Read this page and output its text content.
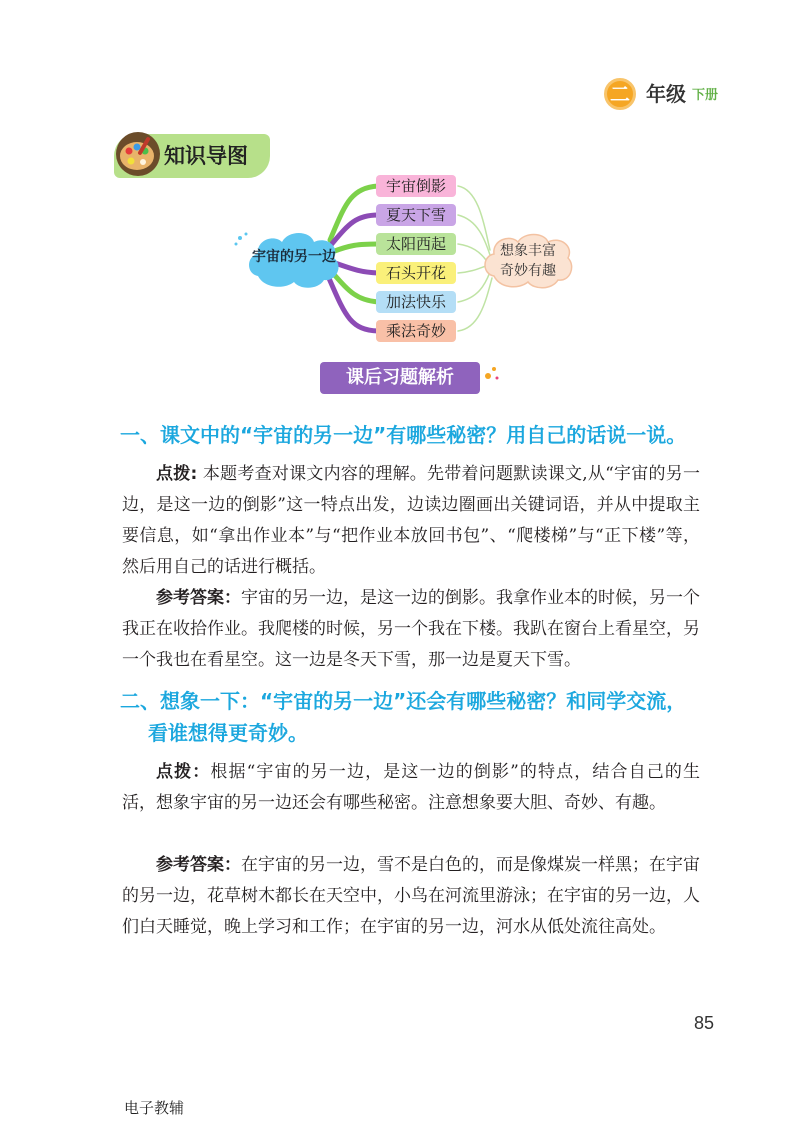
二 年级 下册
知识导图
宇宙的另一边
宇宙倒影
夏天下雪
太阳西起
石头开花
加法快乐
乘法奇妙
想象丰富
奇妙有趣
课后习题解析
一、课文中的“宇宙的另一边”有哪些秘密？用自己的话说一说。

点拨: 本题考查对课文内容的理解。先带着问题默读课文,从“宇宙的另一边，是这一边的倒影”这一特点出发，边读边圈画出关键词语，并从中提取主要信息，如“拿出作业本”与“把作业本放回书包”、“爬楼梯”与“正下楼”等，然后用自己的话进行概括。

参考答案：宇宙的另一边，是这一边的倒影。我拿作业本的时候，另一个我正在收拾作业。我爬楼的时候，另一个我在下楼。我趴在窗台上看星空，另一个我也在看星空。这一边是冬天下雪，那一边是夏天下雪。

二、想象一下：“宇宙的另一边”还会有哪些秘密？和同学交流，
看谁想得更奇妙。

点拨：根据“宇宙的另一边，是这一边的倒影”的特点，结合自己的生活，想象宇宙的另一边还会有哪些秘密。注意想象要大胆、奇妙、有趣。

参考答案：在宇宙的另一边，雪不是白色的，而是像煤炭一样黑；在宇宙的另一边，花草树木都长在天空中，小鸟在河流里游泳；在宇宙的另一边，人们白天睡觉，晚上学习和工作；在宇宙的另一边，河水从低处流往高处。

85
电子教辅
